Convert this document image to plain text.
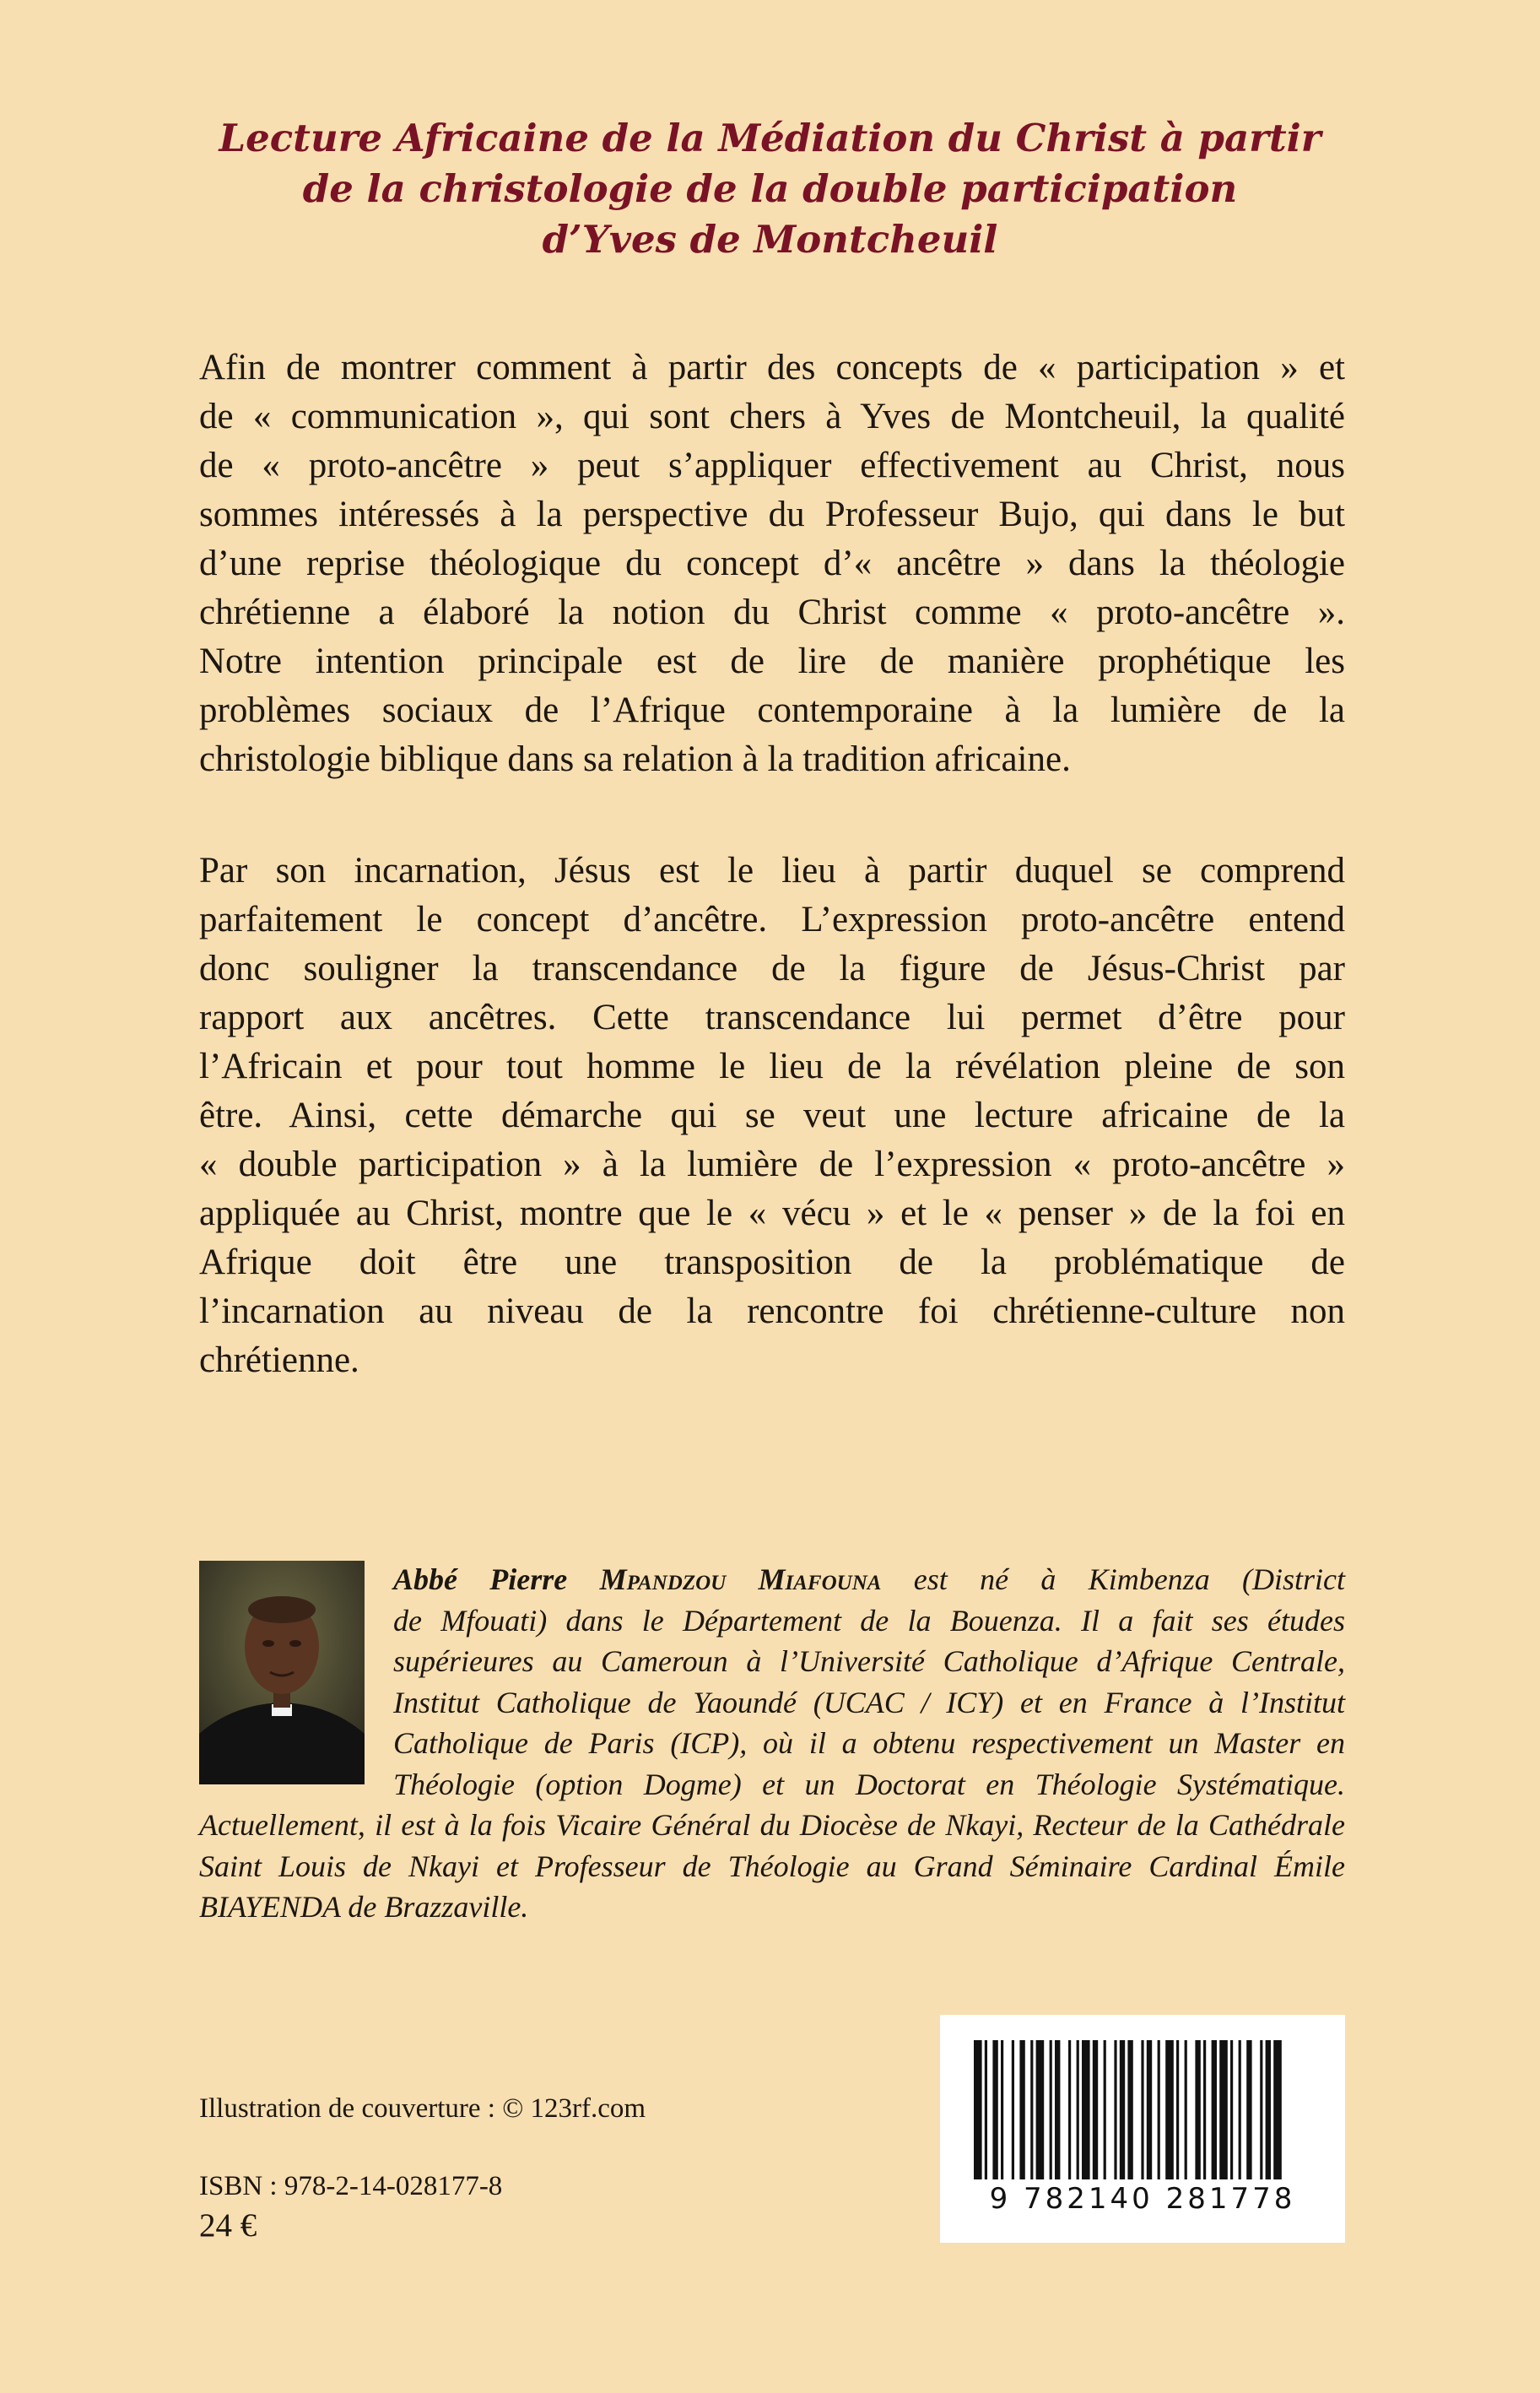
Lecture Africaine de la Médiation du Christ à partir
de la christologie de la double participation
d’Yves de Montcheuil
Afin de montrer comment à partir des concepts de « participation » et
de « communication », qui sont chers à Yves de Montcheuil, la qualité
de « proto-ancêtre » peut s’appliquer effectivement au Christ, nous
sommes intéressés à la perspective du Professeur Bujo, qui dans le but
d’une reprise théologique du concept d’« ancêtre » dans la théologie
chrétienne a élaboré la notion du Christ comme « proto-ancêtre ».
Notre intention principale est de lire de manière prophétique les
problèmes sociaux de l’Afrique contemporaine à la lumière de la
christologie biblique dans sa relation à la tradition africaine.
Par son incarnation, Jésus est le lieu à partir duquel se comprend
parfaitement le concept d’ancêtre. L’expression proto-ancêtre entend
donc souligner la transcendance de la figure de Jésus-Christ par
rapport aux ancêtres. Cette transcendance lui permet d’être pour
l’Africain et pour tout homme le lieu de la révélation pleine de son
être. Ainsi, cette démarche qui se veut une lecture africaine de la
« double participation » à la lumière de l’expression « proto-ancêtre »
appliquée au Christ, montre que le « vécu » et le « penser » de la foi en
Afrique doit être une transposition de la problématique de
l’incarnation au niveau de la rencontre foi chrétienne-culture non
chrétienne.
Abbé Pierre Mpandzou Miafouna est né à Kimbenza (District
de Mfouati) dans le Département de la Bouenza. Il a fait ses études
supérieures au Cameroun à l’Université Catholique d’Afrique Centrale,
Institut Catholique de Yaoundé (UCAC / ICY) et en France à l’Institut
Catholique de Paris (ICP), où il a obtenu respectivement un Master en
Théologie (option Dogme) et un Doctorat en Théologie Systématique.
Actuellement, il est à la fois Vicaire Général du Diocèse de Nkayi, Recteur de la Cathédrale
Saint Louis de Nkayi et Professeur de Théologie au Grand Séminaire Cardinal Émile
BIAYENDA de Brazzaville.
Illustration de couverture : © 123rf.com
ISBN : 978-2-14-028177-8
24 €
9 782140 281778
